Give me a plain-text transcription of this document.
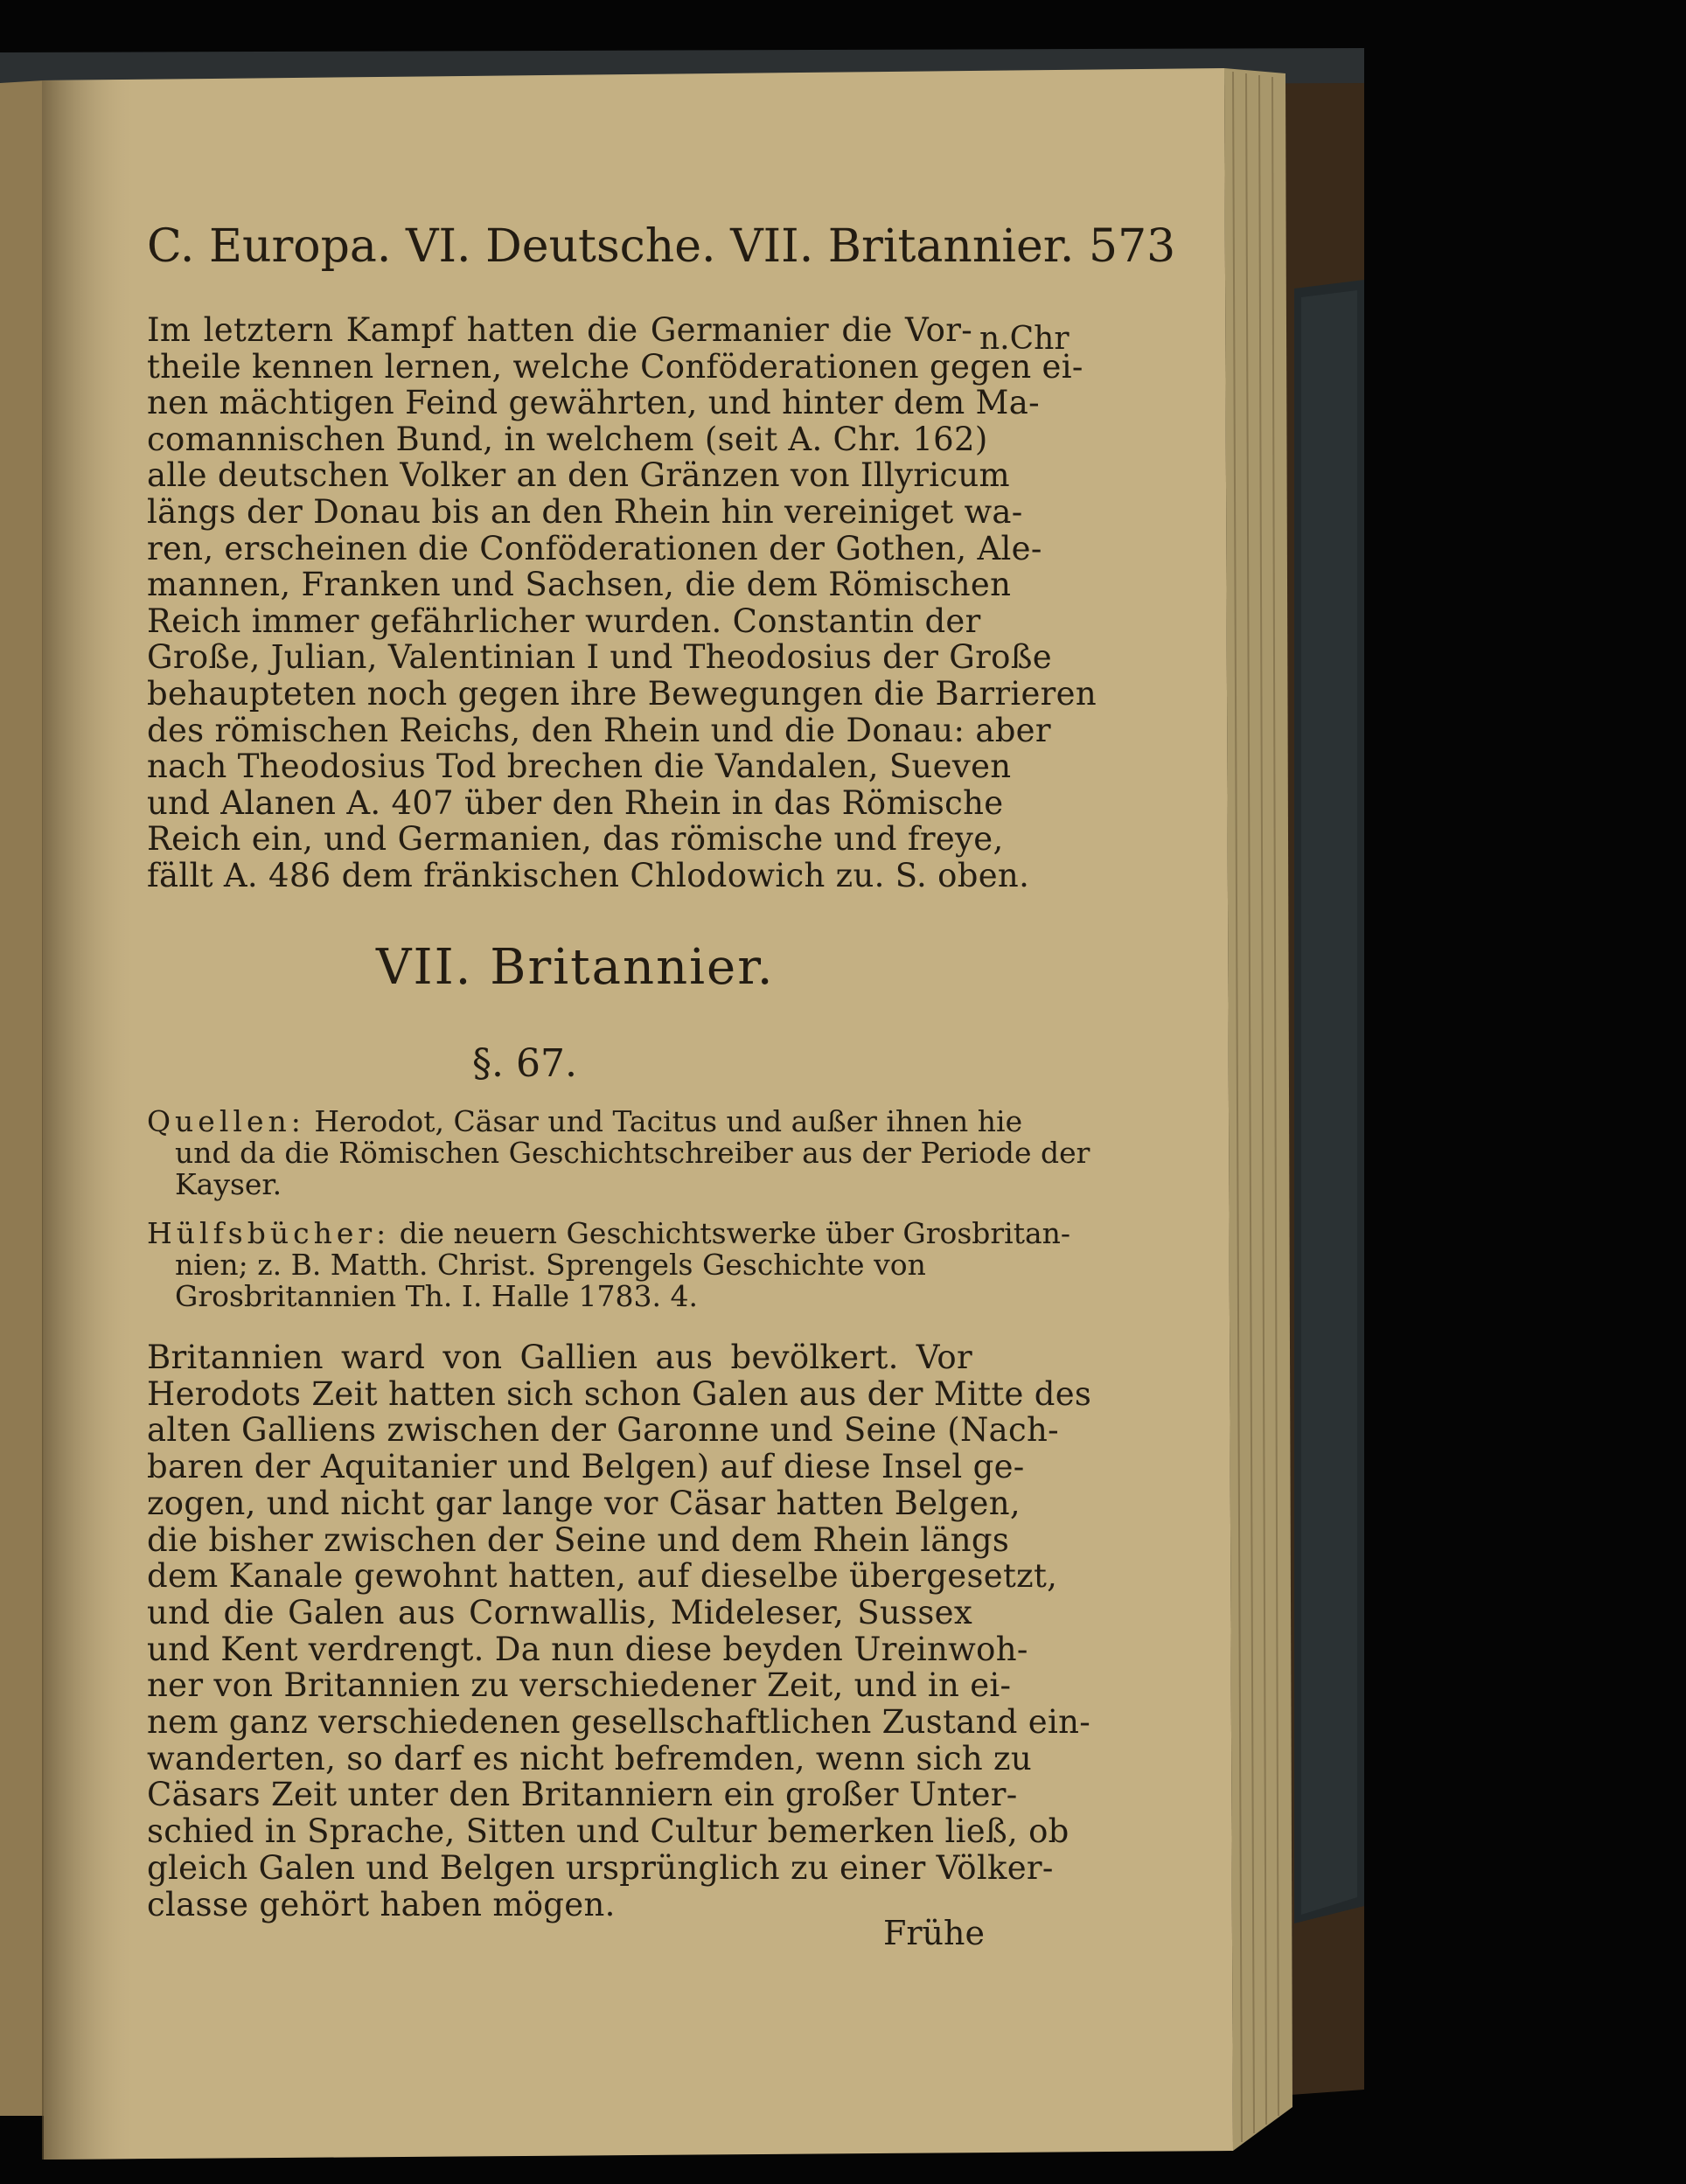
C. Europa. VI. Deutsche. VII. Britannier. 573
n.Chr
Im letztern Kampf hatten die Germanier die Vor-
theile kennen lernen, welche Conföderationen gegen ei-
nen mächtigen Feind gewährten, und hinter dem Ma-
comannischen Bund, in welchem (seit A. Chr. 162)
alle deutschen Volker an den Gränzen von Illyricum
längs der Donau bis an den Rhein hin vereiniget wa-
ren, erscheinen die Conföderationen der Gothen, Ale-
mannen, Franken und Sachsen, die dem Römischen
Reich immer gefährlicher wurden. Constantin der
Große, Julian, Valentinian I und Theodosius der Große
behaupteten noch gegen ihre Bewegungen die Barrieren
des römischen Reichs, den Rhein und die Donau: aber
nach Theodosius Tod brechen die Vandalen, Sueven
und Alanen A. 407 über den Rhein in das Römische
Reich ein, und Germanien, das römische und freye,
fällt A. 486 dem fränkischen Chlodowich zu. S. oben.
VII. Britannier.
§. 67.
Quellen: Herodot, Cäsar und Tacitus und außer ihnen hie
und da die Römischen Geschichtschreiber aus der Periode der
Kayser.
Hülfsbücher: die neuern Geschichtswerke über Grosbritan-
nien; z. B. Matth. Christ. Sprengels Geschichte von
Grosbritannien Th. I. Halle 1783. 4.
Britannien ward von Gallien aus bevölkert. Vor
Herodots Zeit hatten sich schon Galen aus der Mitte des
alten Galliens zwischen der Garonne und Seine (Nach-
baren der Aquitanier und Belgen) auf diese Insel ge-
zogen, und nicht gar lange vor Cäsar hatten Belgen,
die bisher zwischen der Seine und dem Rhein längs
dem Kanale gewohnt hatten, auf dieselbe übergesetzt,
und die Galen aus Cornwallis, Mideleser, Sussex
und Kent verdrengt. Da nun diese beyden Ureinwoh-
ner von Britannien zu verschiedener Zeit, und in ei-
nem ganz verschiedenen gesellschaftlichen Zustand ein-
wanderten, so darf es nicht befremden, wenn sich zu
Cäsars Zeit unter den Britanniern ein großer Unter-
schied in Sprache, Sitten und Cultur bemerken ließ, ob
gleich Galen und Belgen ursprünglich zu einer Völker-
classe gehört haben mögen.
Frühe
